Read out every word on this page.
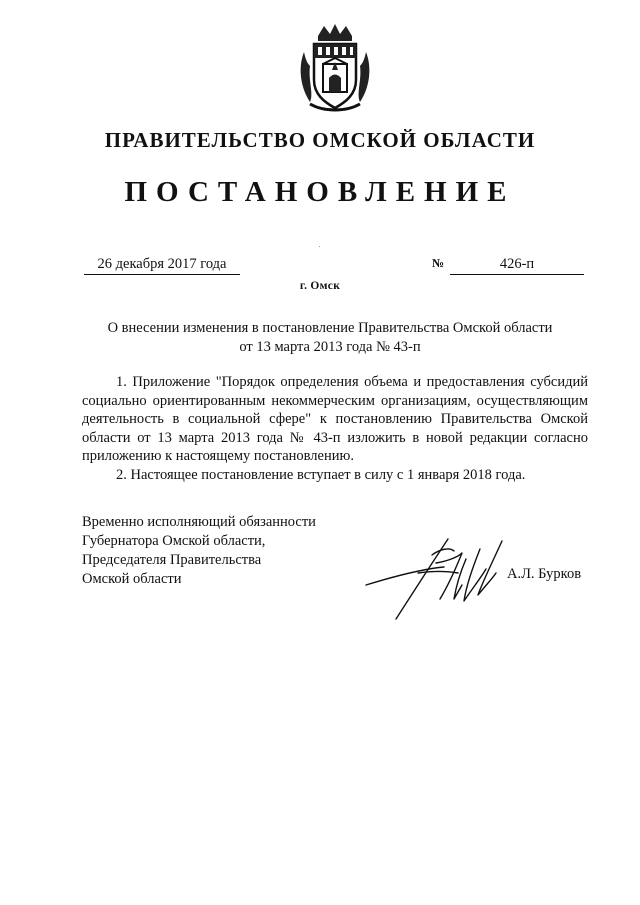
ПРАВИТЕЛЬСТВО ОМСКОЙ ОБЛАСТИ
ПОСТАНОВЛЕНИЕ
26 декабря 2017 года	№	426-п
г. Омск
О внесении изменения в постановление Правительства Омской области
от 13 марта 2013 года № 43-п

1. Приложение "Порядок определения объема и предоставления субсидий социально ориентированным некоммерческим организациям, осуществляющим деятельность в социальной сфере" к постановлению Правительства Омской области от 13 марта 2013 года № 43-п изложить в новой редакции согласно приложению к настоящему постановлению.

2. Настоящее постановление вступает в силу с 1 января 2018 года.

Временно исполняющий обязанности
Губернатора Омской области,
Председателя Правительства
Омской области	А.Л. Бурков
